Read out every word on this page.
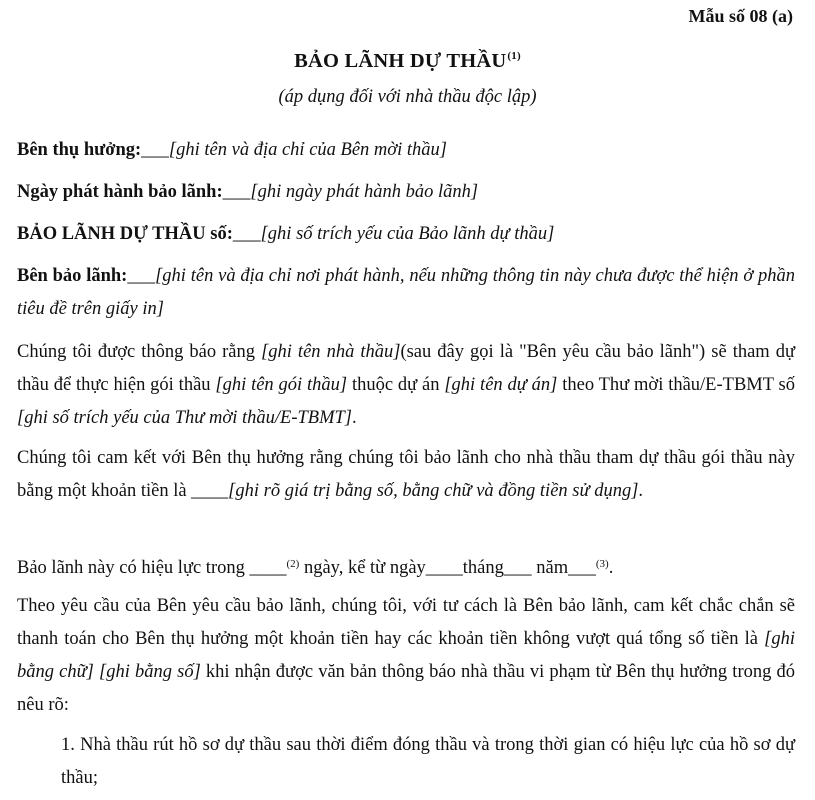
Mẫu số 08 (a)
BẢO LÃNH DỰ THẦU$^{(1)}$
(áp dụng đối với nhà thầu độc lập)
Bên thụ hưởng:___[ghi tên và địa chỉ của Bên mời thầu]
Ngày phát hành bảo lãnh:___[ghi ngày phát hành bảo lãnh]
BẢO LÃNH DỰ THẦU số:___[ghi số trích yếu của Bảo lãnh dự thầu]
Bên bảo lãnh:___[ghi tên và địa chỉ nơi phát hành, nếu những thông tin này chưa được thể hiện ở phần tiêu đề trên giấy in]
Chúng tôi được thông báo rằng [ghi tên nhà thầu](sau đây gọi là "Bên yêu cầu bảo lãnh") sẽ tham dự thầu để thực hiện gói thầu [ghi tên gói thầu] thuộc dự án [ghi tên dự án] theo Thư mời thầu/E-TBMT số [ghi số trích yếu của Thư mời thầu/E-TBMT].
Chúng tôi cam kết với Bên thụ hưởng rằng chúng tôi bảo lãnh cho nhà thầu tham dự thầu gói thầu này bằng một khoản tiền là ____[ghi rõ giá trị bằng số, bằng chữ và đồng tiền sử dụng].
Bảo lãnh này có hiệu lực trong ____$^{(2)}$ ngày, kể từ ngày____tháng___ năm___$^{(3)}$.
Theo yêu cầu của Bên yêu cầu bảo lãnh, chúng tôi, với tư cách là Bên bảo lãnh, cam kết chắc chắn sẽ thanh toán cho Bên thụ hưởng một khoản tiền hay các khoản tiền không vượt quá tổng số tiền là [ghi bằng chữ] [ghi bằng số] khi nhận được văn bản thông báo nhà thầu vi phạm từ Bên thụ hưởng trong đó nêu rõ:
1. Nhà thầu rút hồ sơ dự thầu sau thời điểm đóng thầu và trong thời gian có hiệu lực của hồ sơ dự thầu;
